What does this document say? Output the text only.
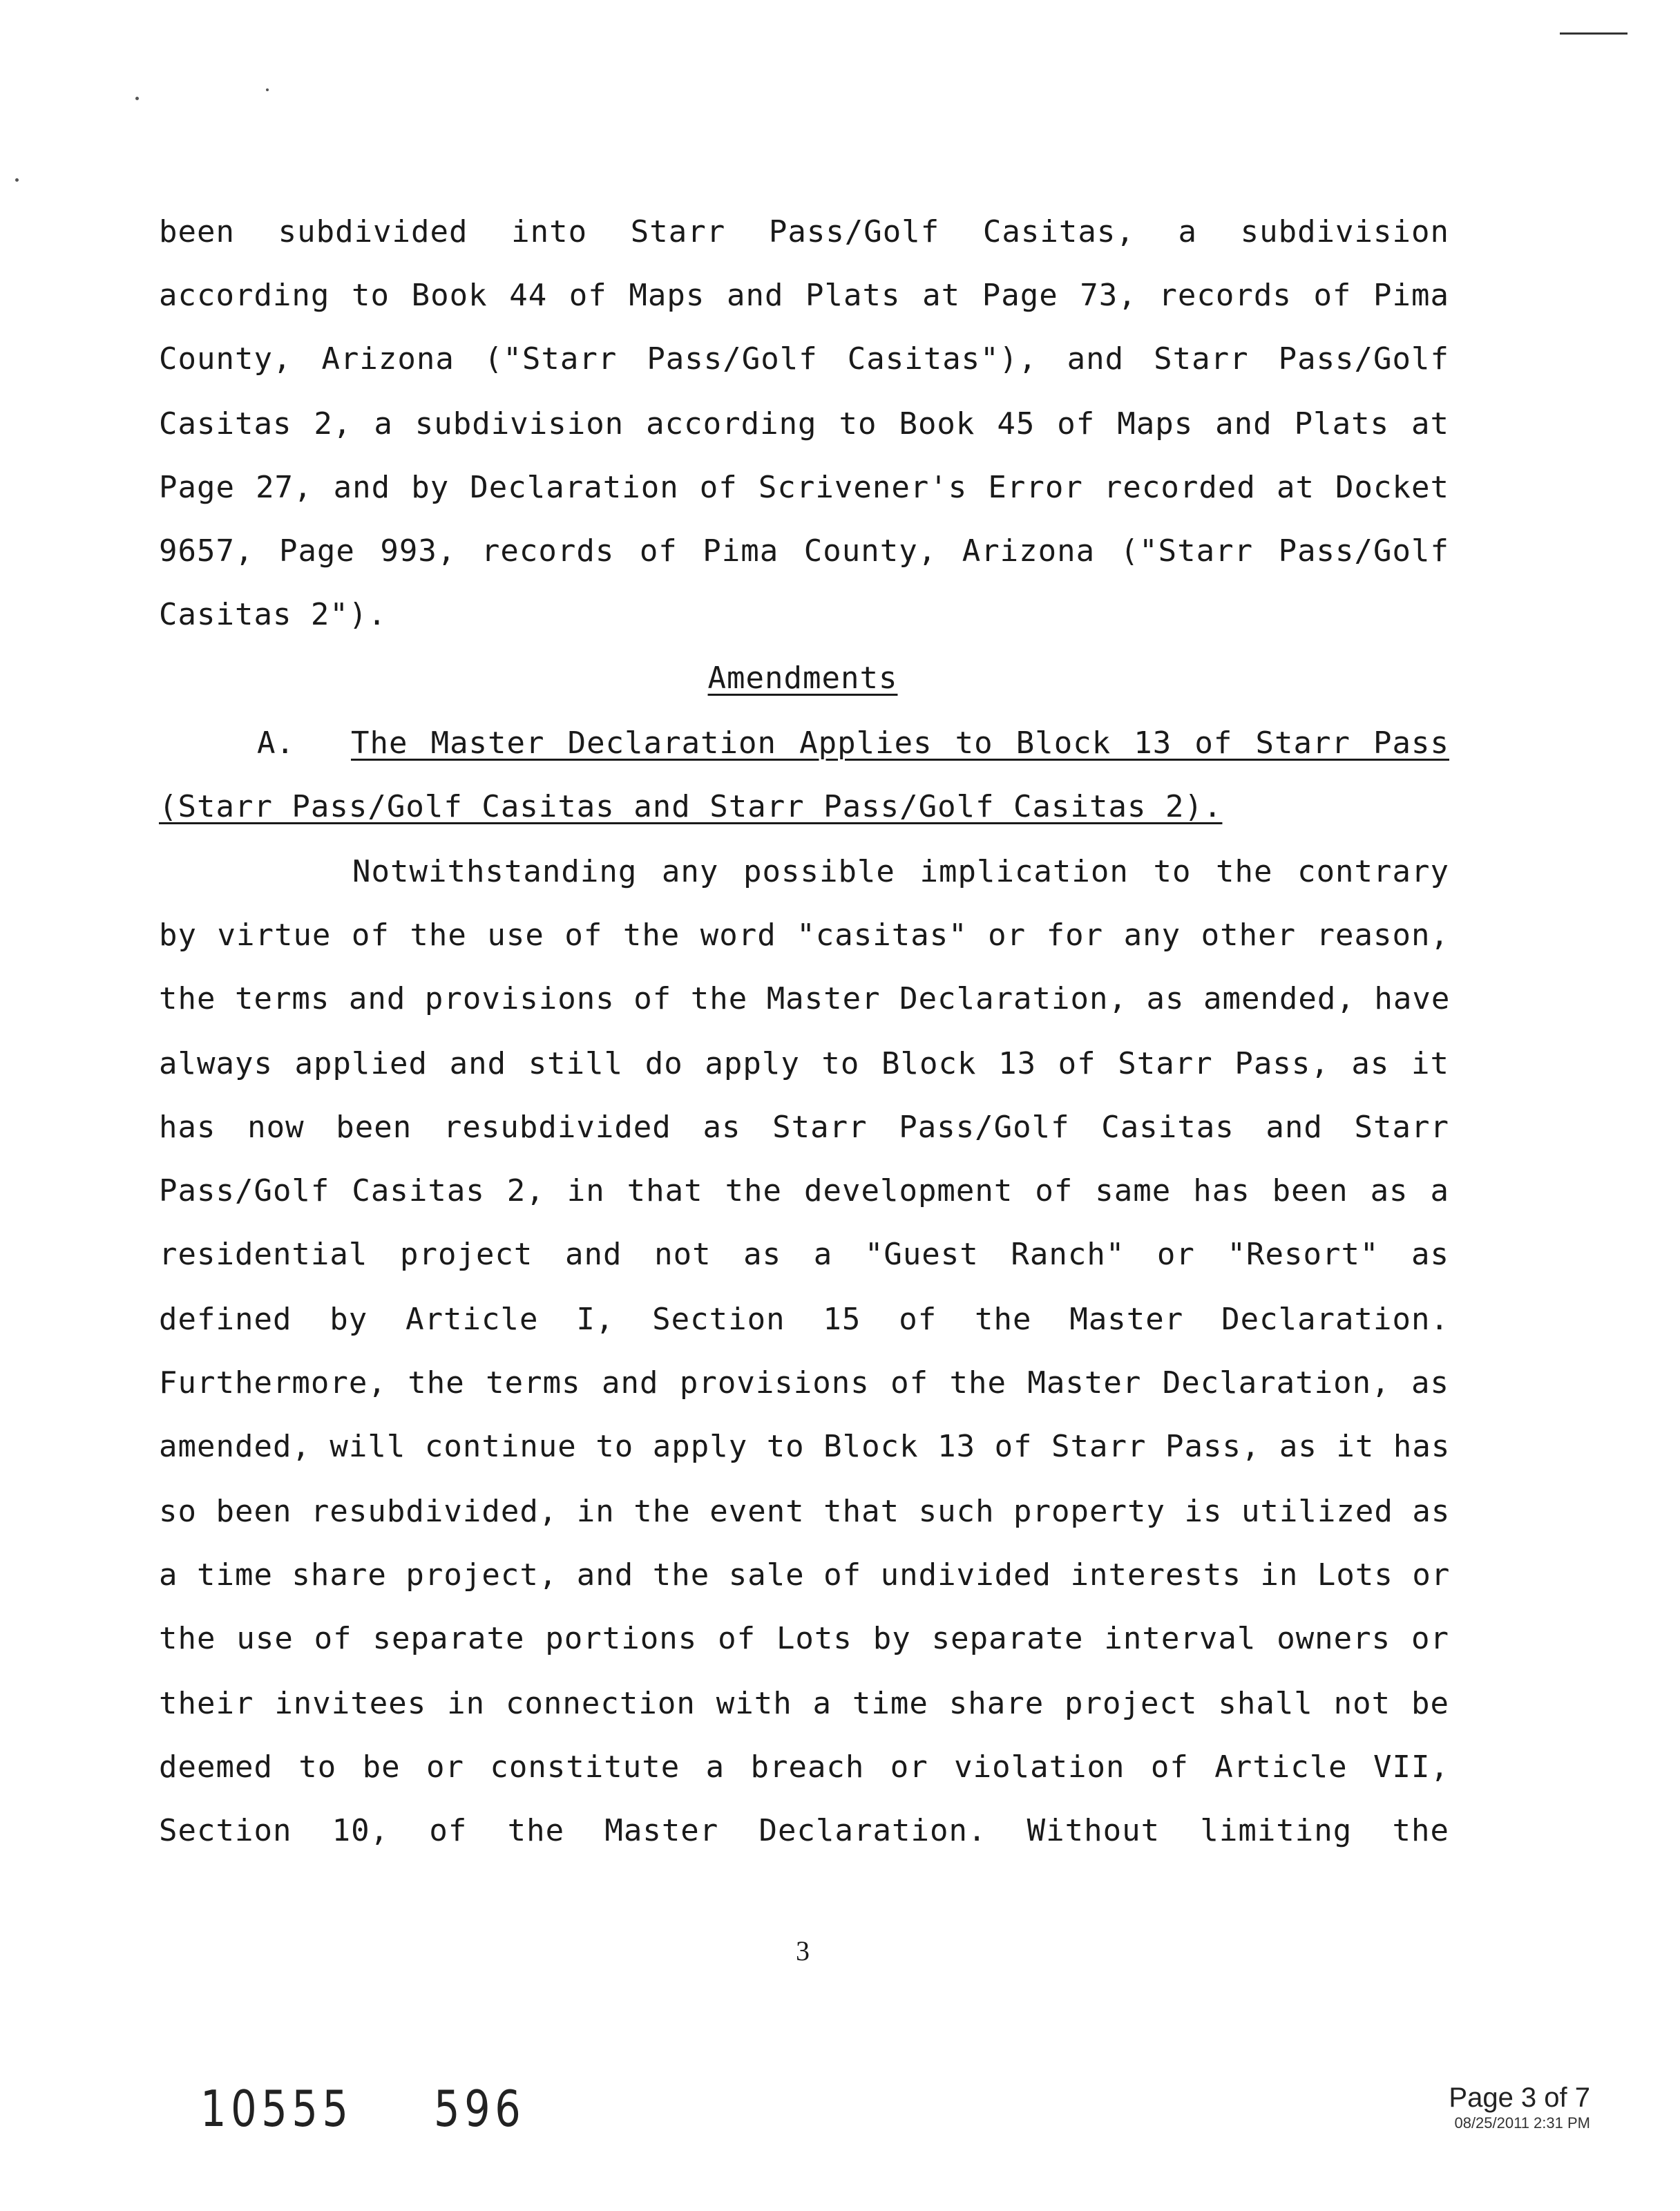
been subdivided into Starr Pass/Golf Casitas, a subdivision

according to Book 44 of Maps and Plats at Page 73, records of Pima

County, Arizona ("Starr Pass/Golf Casitas"), and Starr Pass/Golf

Casitas 2, a subdivision according to Book 45 of Maps and Plats at

Page 27, and by Declaration of Scrivener's Error recorded at Docket

9657, Page 993, records of Pima County, Arizona ("Starr Pass/Golf

Casitas 2").

Amendments

A. The Master Declaration Applies to Block 13 of Starr Pass

(Starr Pass/Golf Casitas and Starr Pass/Golf Casitas 2).

Notwithstanding any possible implication to the contrary

by virtue of the use of the word "casitas" or for any other reason,

the terms and provisions of the Master Declaration, as amended, have

always applied and still do apply to Block 13 of Starr Pass, as it

has now been resubdivided as Starr Pass/Golf Casitas and Starr

Pass/Golf Casitas 2, in that the development of same has been as a

residential project and not as a "Guest Ranch" or "Resort" as

defined by Article I, Section 15 of the Master Declaration.

Furthermore, the terms and provisions of the Master Declaration, as

amended, will continue to apply to Block 13 of Starr Pass, as it has

so been resubdivided, in the event that such property is utilized as

a time share project, and the sale of undivided interests in Lots or

the use of separate portions of Lots by separate interval owners or

their invitees in connection with a time share project shall not be

deemed to be or constitute a breach or violation of Article VII,

Section 10, of the Master Declaration. Without limiting the

3
10555 596	Page 3 of 7
08/25/2011 2:31 PM
